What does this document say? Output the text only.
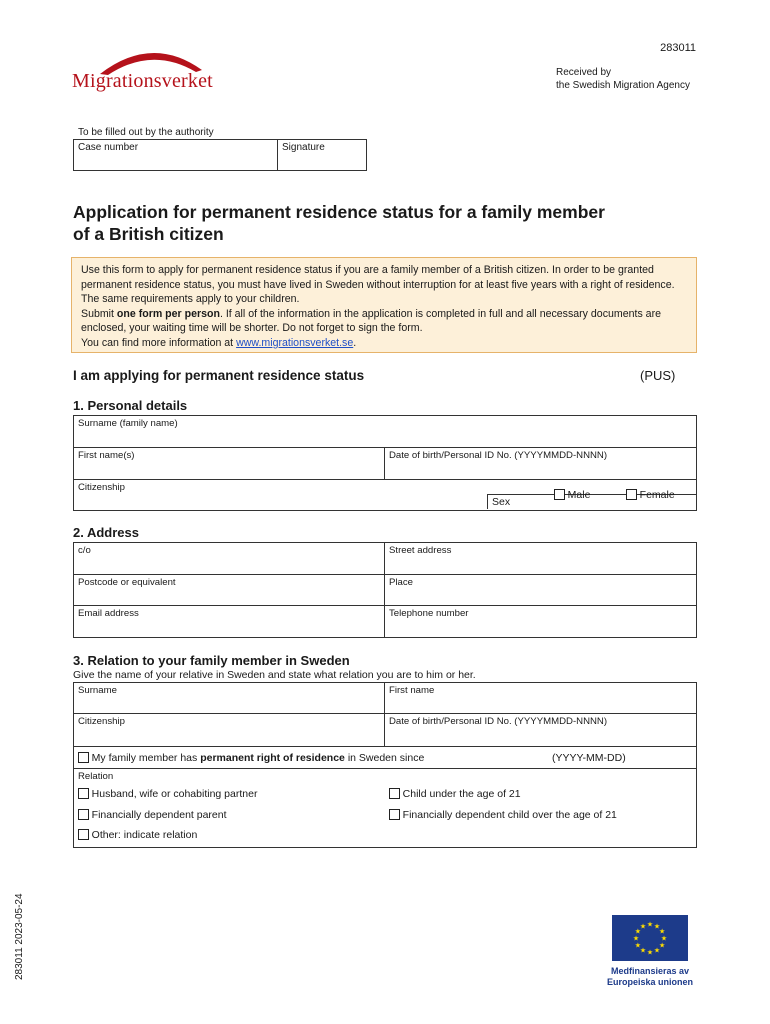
Migrationsverket
283011
Received by
the Swedish Migration Agency
To be filled out by the authority
Case number	Signature
Application for permanent residence status for a family member
of a British citizen

Use this form to apply for permanent residence status if you are a family member of a British citizen. In order to be granted permanent residence status, you must have lived in Sweden without interruption for at least five years with a right of residence. The same requirements apply to your children.

Submit one form per person. If all of the information in the application is completed in full and all necessary documents are enclosed, your waiting time will be shorter. Do not forget to sign the form.

You can find more information at www.migrationsverket.se.

I am applying for permanent residence status	(PUS)
1. Personal details
Surname (family name)
First name(s)	Date of birth/Personal ID No. (YYYYMMDD-NNNN)
Citizenship
Sex
Male	Female
2. Address
c/o	Street address
Postcode or equivalent	Place
Email address	Telephone number
3. Relation to your family member in Sweden
Give the name of your relative in Sweden and state what relation you are to him or her.
Surname	First name
Citizenship	Date of birth/Personal ID No. (YYYYMMDD-NNNN)
My family member has permanent right of residence in Sweden since	(YYYY-MM-DD)
Relation
Husband, wife or cohabiting partner	Child under the age of 21
Financially dependent parent	Financially dependent child over the age of 21
Other: indicate relation
283011 2023-05-24	★ ★
★
★
★
★
★
★
★
★
★
★
Medfinansieras av
Europeiska unionen
